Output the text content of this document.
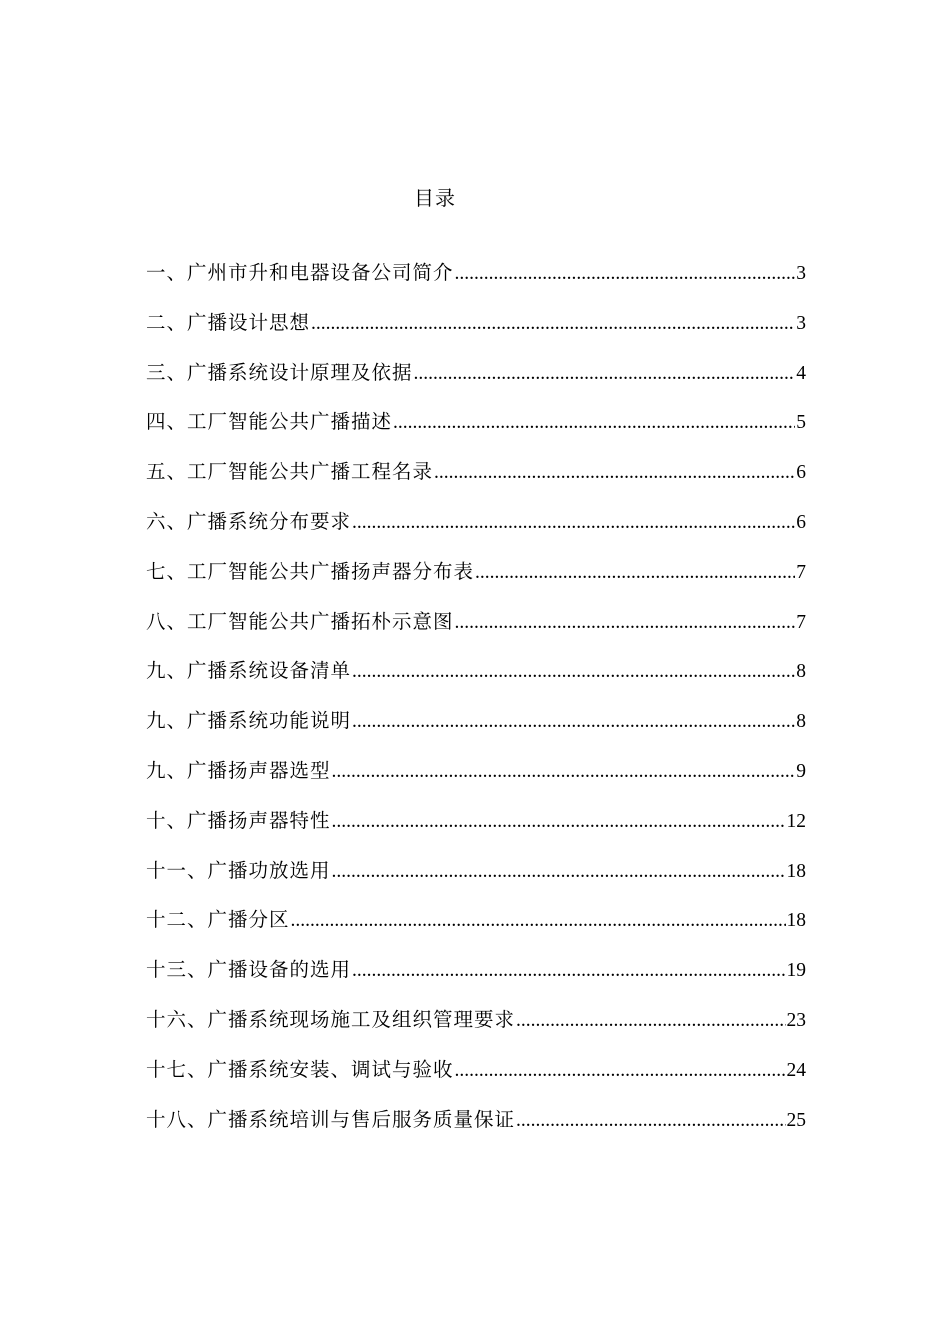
目录
一、广州市升和电器设备公司简介 .....	3
二、广播设计思想 .....	3
三、广播系统设计原理及依据 .....	4
四、工厂智能公共广播描述 .....	5
五、工厂智能公共广播工程名录 .....	6
六、广播系统分布要求 .....	6
七、工厂智能公共广播扬声器分布表 .....	7
八、工厂智能公共广播拓朴示意图 .....	7
九、广播系统设备清单 .....	8
九、广播系统功能说明 .....	8
九、广播扬声器选型 .....	9
十、广播扬声器特性 .....	12
十一、广播功放选用 .....	18
十二、广播分区 .....	18
十三、广播设备的选用 .....	19
十六、广播系统现场施工及组织管理要求 .....	23
十七、广播系统安装、调试与验收 .....	24
十八、广播系统培训与售后服务质量保证 .....	25
